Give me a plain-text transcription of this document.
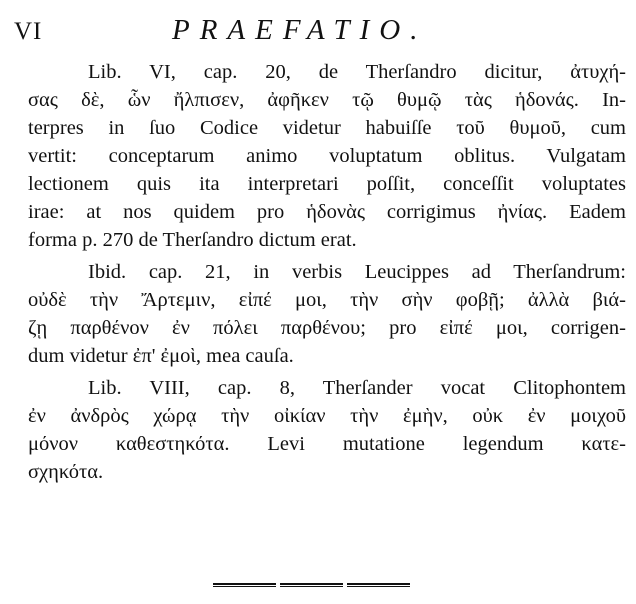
VI	PRAEFATIO.
Lib. VI, cap. 20, de Therſandro dicitur, ἀτυχή-
σας δὲ, ὧν ἤλπισεν, ἀφῆκεν τῷ θυμῷ τὰς ἡδονάς. In-
terpres in ſuo Codice videtur habuiſſe τοῦ θυμοῦ, cum
vertit: conceptarum animo voluptatum oblitus. Vulgatam
lectionem quis ita interpretari poſſit, conceſſit voluptates
irae: at nos quidem pro ἡδονὰς corrigimus ἠνίας. Eadem
forma p. 270 de Therſandro dictum erat.
Ibid. cap. 21, in verbis Leucippes ad Therſandrum:
οὐδὲ τὴν Ἄρτεμιν, εἰπέ μοι, τὴν σὴν φοβῇ; ἀλλὰ βιά-
ζῃ παρθένον ἐν πόλει παρθένου; pro εἰπέ μοι, corrigen-
dum videtur ἐπ' ἐμοὶ, mea cauſa.
Lib. VIII, cap. 8, Therſander vocat Clitophontem
ἐν ἀνδρὸς χώρᾳ τὴν οἰκίαν τὴν ἐμὴν, οὐκ ἐν μοιχοῦ
μόνον καθεστηκότα. Levi mutatione legendum κατε-
σχηκότα.
